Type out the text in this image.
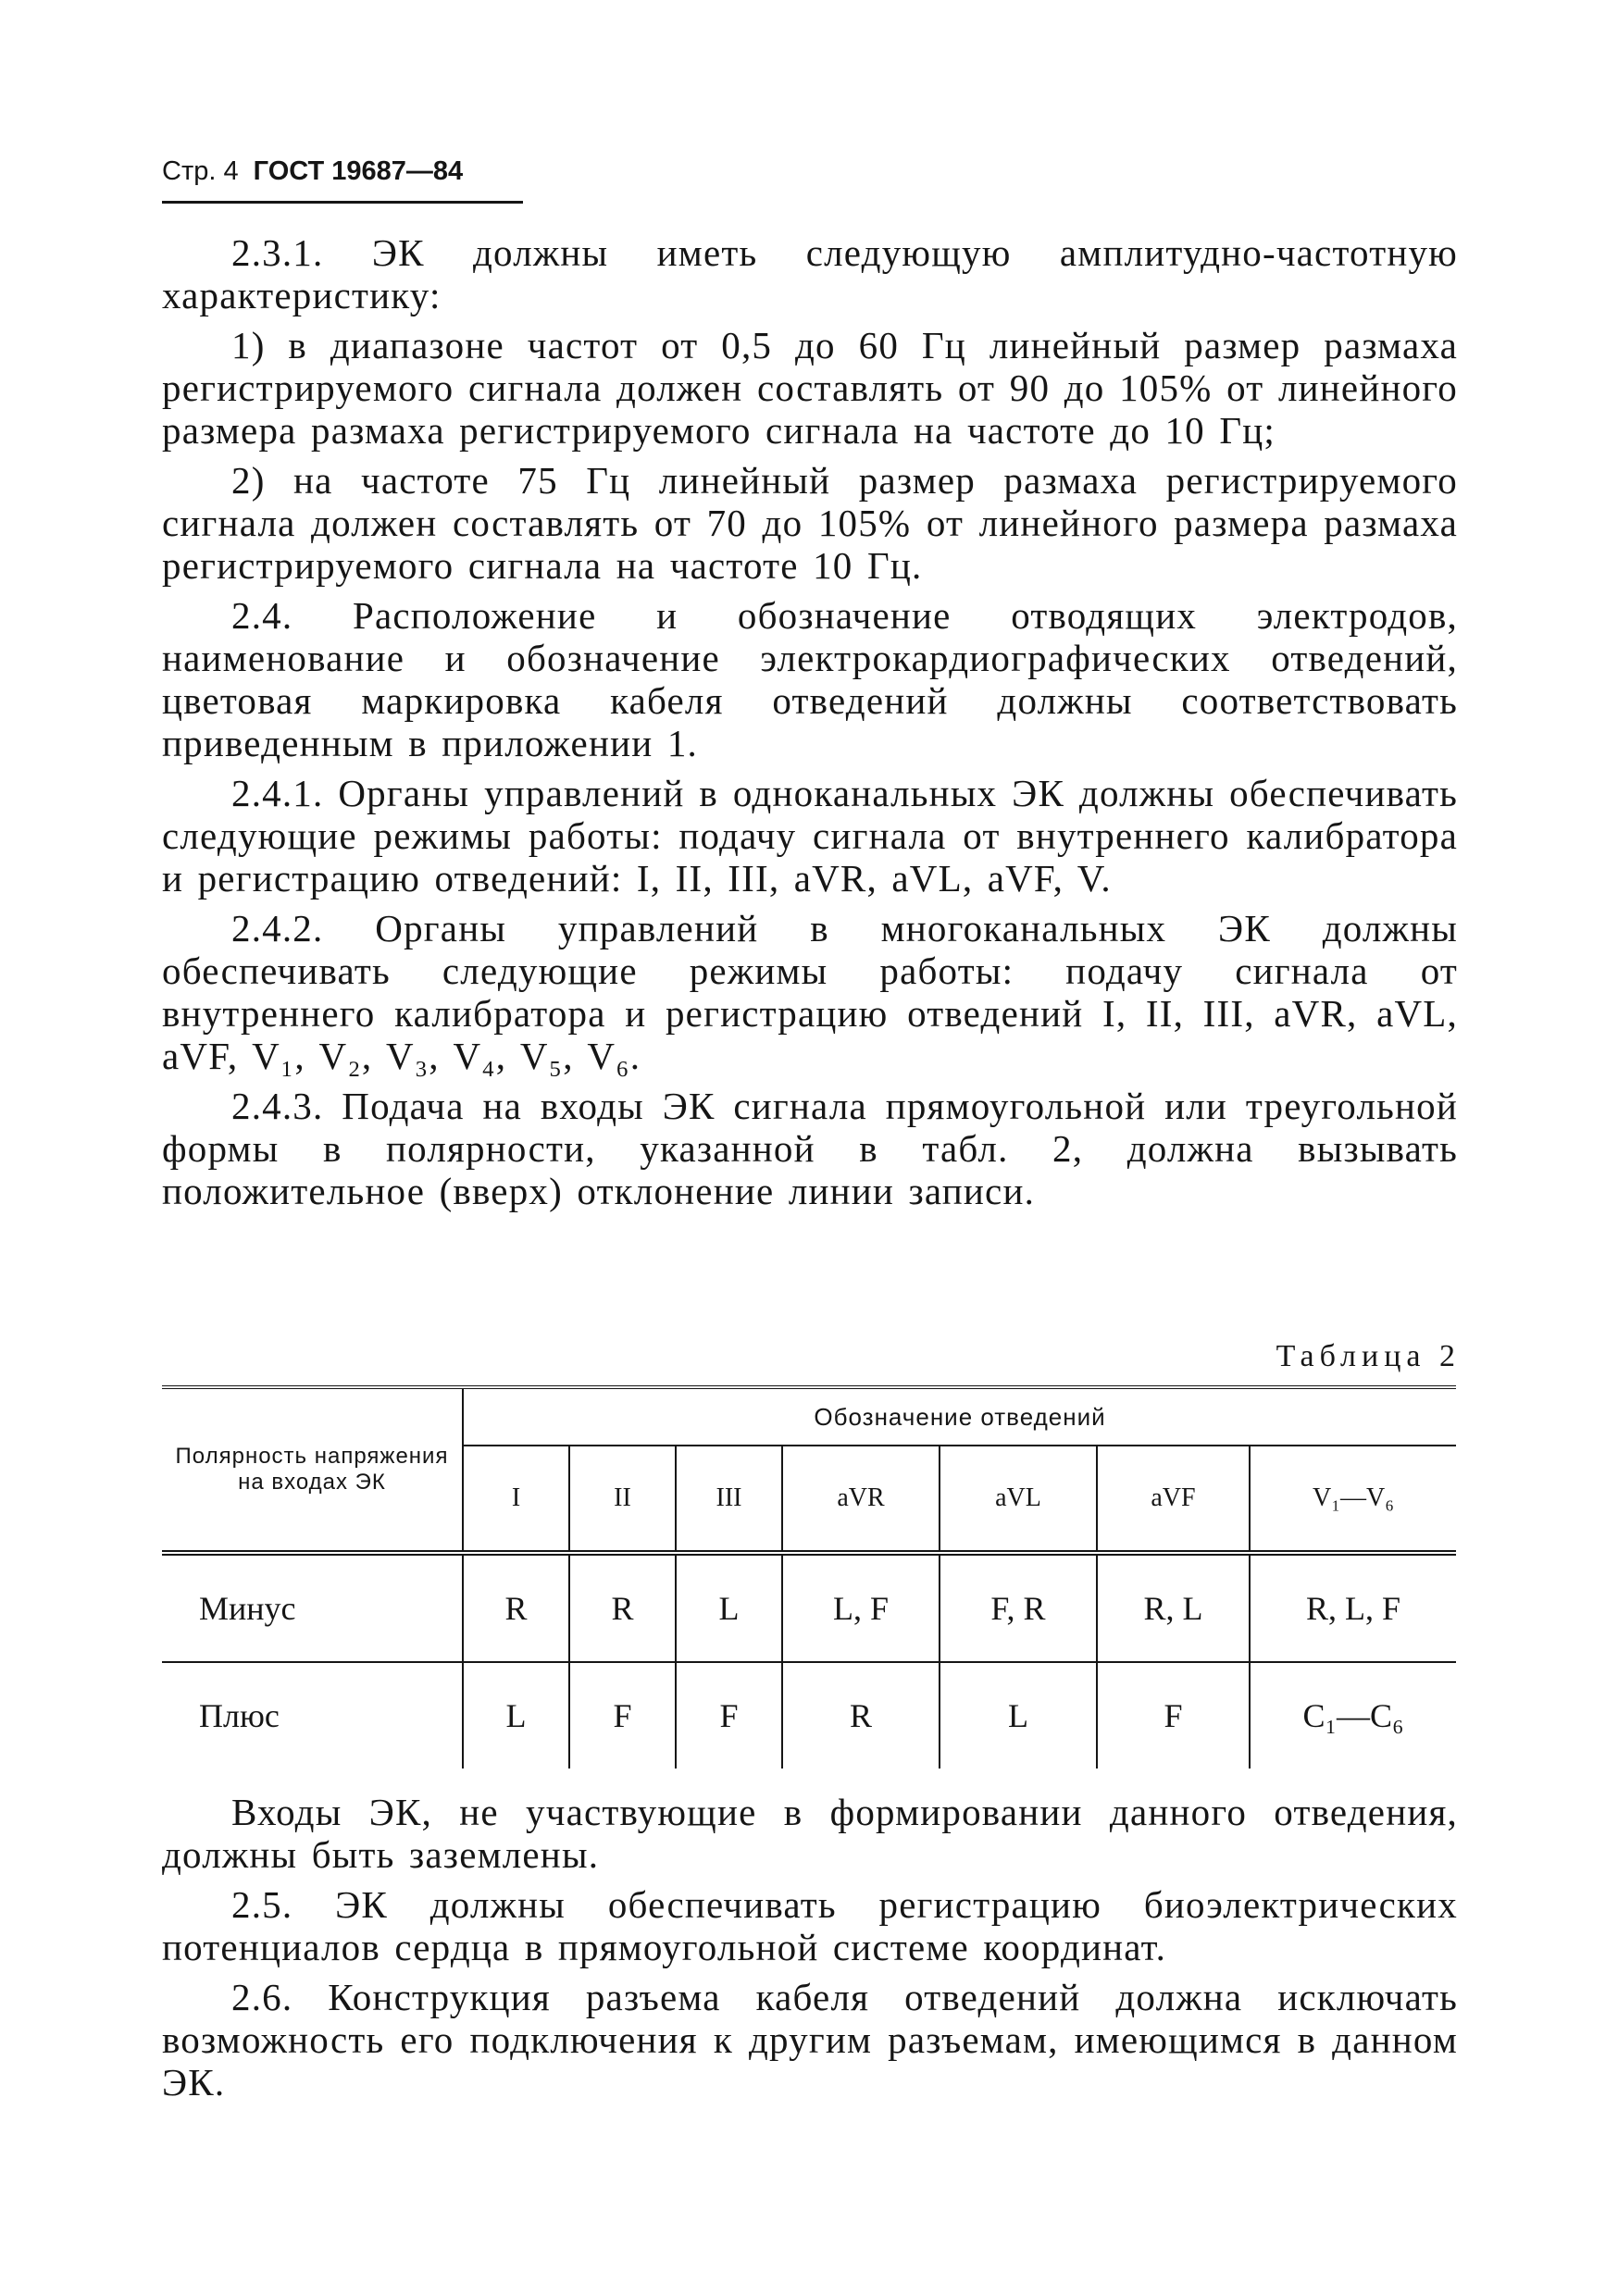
Стр. 4 ГОСТ 19687—84

2.3.1. ЭК должны иметь следующую амплитудно-частотную характеристику:

1) в диапазоне частот от 0,5 до 60 Гц линейный размер размаха регистрируемого сигнала должен составлять от 90 до 105% от линейного размера размаха регистрируемого сигнала на частоте до 10 Гц;

2) на частоте 75 Гц линейный размер размаха регистрируемого сигнала должен составлять от 70 до 105% от линейного размера размаха регистрируемого сигнала на частоте 10 Гц.

2.4. Расположение и обозначение отводящих электродов, наименование и обозначение электрокардиографических отведений, цветовая маркировка кабеля отведений должны соответствовать приведенным в приложении 1.

2.4.1. Органы управлений в одноканальных ЭК должны обеспечивать следующие режимы работы: подачу сигнала от внутреннего калибратора и регистрацию отведений: I, II, III, aVR, aVL, aVF, V.

2.4.2. Органы управлений в многоканальных ЭК должны обеспечивать следующие режимы работы: подачу сигнала от внутреннего калибратора и регистрацию отведений I, II, III, aVR, aVL, aVF, V₁, V₂, V₃, V₄, V₅, V₆.

2.4.3. Подача на входы ЭК сигнала прямоугольной или треугольной формы в полярности, указанной в табл. 2, должна вызывать положительное (вверх) отклонение линии записи.

Таблица 2

Полярность напряжения на входах ЭК	Обозначение отведений						
	I	II	III	aVR	aVL	aVF	V₁—V₆
Минус	R	R	L	L, F	F, R	R, L	R, L, F
Плюс	L	F	F	R	L	F	C₁—C₆

Входы ЭК, не участвующие в формировании данного отведения, должны быть заземлены.

2.5. ЭК должны обеспечивать регистрацию биоэлектрических потенциалов сердца в прямоугольной системе координат.

2.6. Конструкция разъема кабеля отведений должна исключать возможность его подключения к другим разъемам, имеющимся в данном ЭК.
